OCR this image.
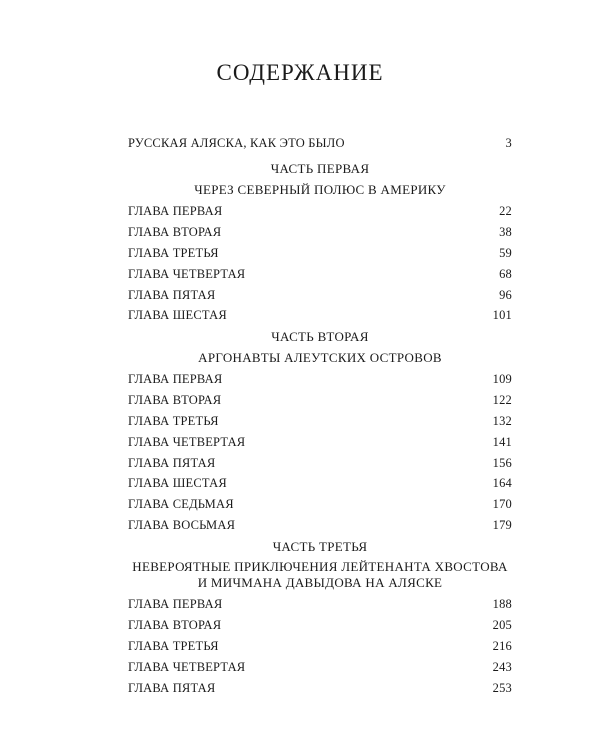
СОДЕРЖАНИЕ
РУССКАЯ АЛЯСКА, КАК ЭТО БЫЛО . . .	3
ЧАСТЬ ПЕРВАЯ
ЧЕРЕЗ СЕВЕРНЫЙ ПОЛЮС В АМЕРИКУ
ГЛАВА ПЕРВАЯ . . .	22
ГЛАВА ВТОРАЯ . . .	38
ГЛАВА ТРЕТЬЯ . . .	59
ГЛАВА ЧЕТВЕРТАЯ . . .	68
ГЛАВА ПЯТАЯ . . .	96
ГЛАВА ШЕСТАЯ . . .	101
ЧАСТЬ ВТОРАЯ
АРГОНАВТЫ АЛЕУТСКИХ ОСТРОВОВ
ГЛАВА ПЕРВАЯ . . .	109
ГЛАВА ВТОРАЯ . . .	122
ГЛАВА ТРЕТЬЯ . . .	132
ГЛАВА ЧЕТВЕРТАЯ . . .	141
ГЛАВА ПЯТАЯ . . .	156
ГЛАВА ШЕСТАЯ . . .	164
ГЛАВА СЕДЬМАЯ . . .	170
ГЛАВА ВОСЬМАЯ . . .	179
ЧАСТЬ ТРЕТЬЯ
НЕВЕРОЯТНЫЕ ПРИКЛЮЧЕНИЯ ЛЕЙТЕНАНТА ХВОСТОВА
И МИЧМАНА ДАВЫДОВА НА АЛЯСКЕ
ГЛАВА ПЕРВАЯ . . .	188
ГЛАВА ВТОРАЯ . . .	205
ГЛАВА ТРЕТЬЯ . . .	216
ГЛАВА ЧЕТВЕРТАЯ . . .	243
ГЛАВА ПЯТАЯ . . .	253
